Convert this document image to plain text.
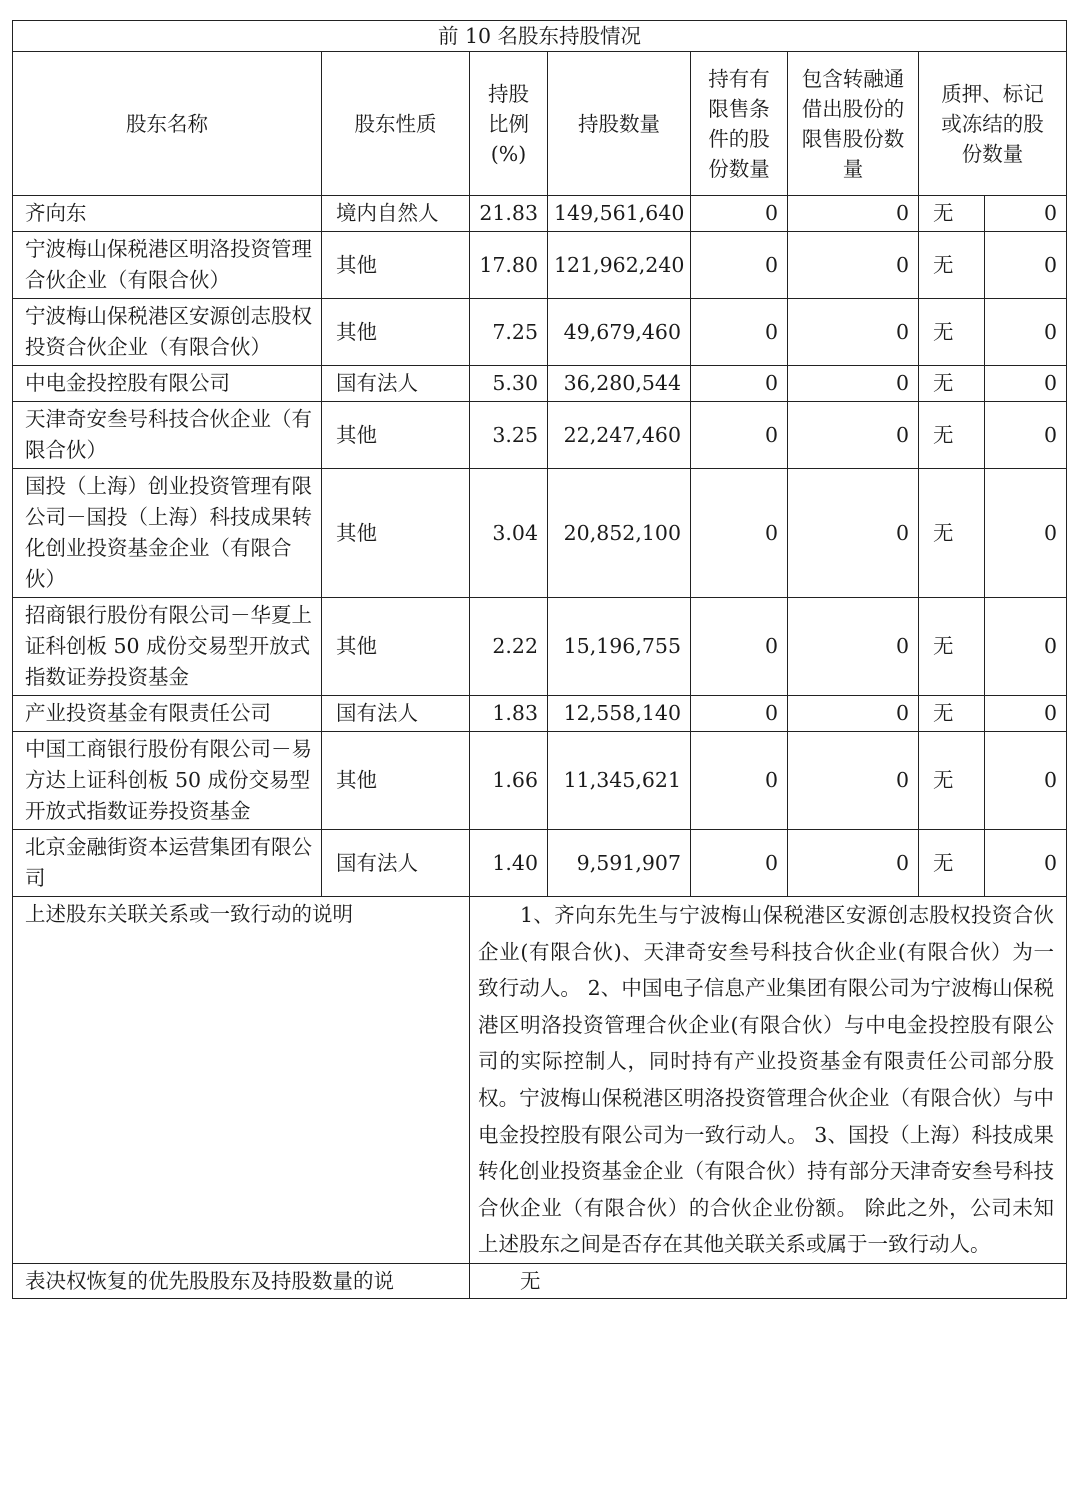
前 10 名股东持股情况							
股东名称	股东性质	持股比例(%)	持股数量	持有有限售条件的股份数量	包含转融通借出股份的限售股份数量	质押、标记或冻结的股份数量	
齐向东	境内自然人	21.83	149,561,640	0	0	无	0
宁波梅山保税港区明洛投资管理合伙企业（有限合伙）	其他	17.80	121,962,240	0	0	无	0
宁波梅山保税港区安源创志股权投资合伙企业（有限合伙）	其他	7.25	49,679,460	0	0	无	0
中电金投控股有限公司	国有法人	5.30	36,280,544	0	0	无	0
天津奇安叁号科技合伙企业（有限合伙）	其他	3.25	22,247,460	0	0	无	0
国投（上海）创业投资管理有限公司－国投（上海）科技成果转化创业投资基金企业（有限合伙）	其他	3.04	20,852,100	0	0	无	0
招商银行股份有限公司－华夏上证科创板 50 成份交易型开放式指数证券投资基金	其他	2.22	15,196,755	0	0	无	0
产业投资基金有限责任公司	国有法人	1.83	12,558,140	0	0	无	0
中国工商银行股份有限公司－易方达上证科创板 50 成份交易型开放式指数证券投资基金	其他	1.66	11,345,621	0	0	无	0
北京金融街资本运营集团有限公司	国有法人	1.40	9,591,907	0	0	无	0
上述股东关联关系或一致行动的说明		1、齐向东先生与宁波梅山保税港区安源创志股权投资合伙企业(有限合伙)、天津奇安叁号科技合伙企业(有限合伙）为一致行动人。 2、中国电子信息产业集团有限公司为宁波梅山保税港区明洛投资管理合伙企业(有限合伙）与中电金投控股有限公司的实际控制人，同时持有产业投资基金有限责任公司部分股权。宁波梅山保税港区明洛投资管理合伙企业（有限合伙）与中电金投控股有限公司为一致行动人。 3、国投（上海）科技成果转化创业投资基金企业（有限合伙）持有部分天津奇安叁号科技合伙企业（有限合伙）的合伙企业份额。 除此之外，公司未知上述股东之间是否存在其他关联关系或属于一致行动人。					
表决权恢复的优先股股东及持股数量的说		无					
